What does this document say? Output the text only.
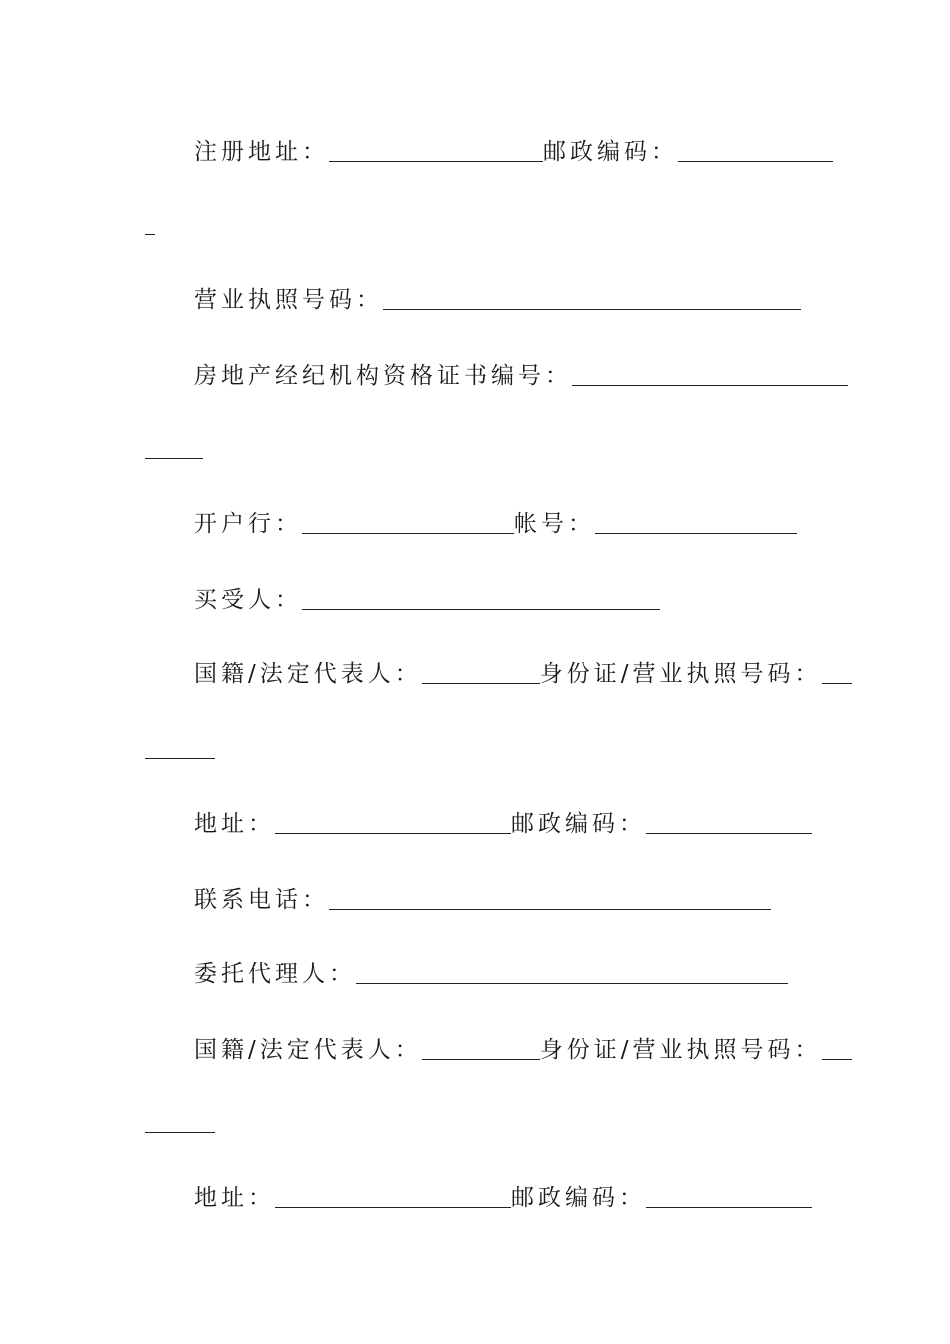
注册地址：	邮政编码：
营业执照号码：
房地产经纪机构资格证书编号：
开户行：	帐号：
买受人：
国籍/法定代表人：	身份证/营业执照号码：
地址：	邮政编码：
联系电话：
委托代理人：
国籍/法定代表人：	身份证/营业执照号码：
地址：	邮政编码：
